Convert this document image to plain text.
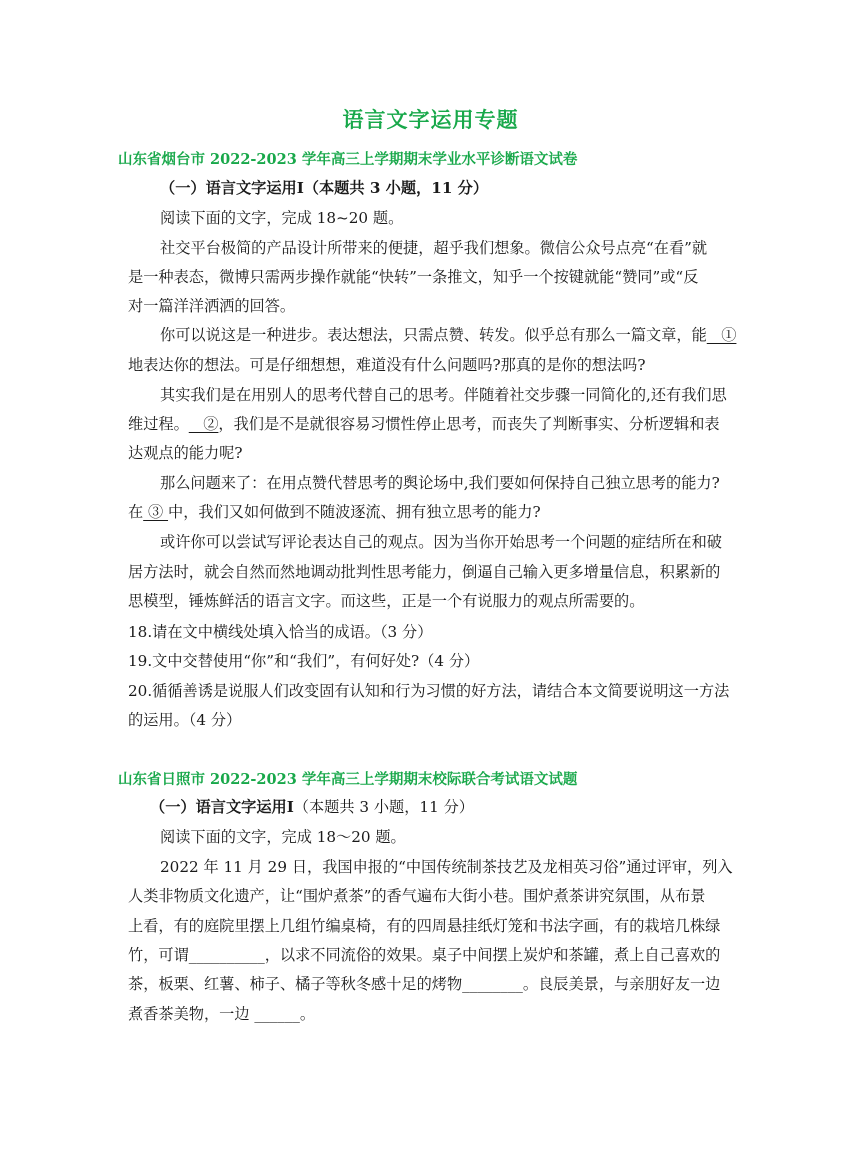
语言文字运用专题
山东省烟台市 2022-2023 学年高三上学期期末学业水平诊断语文试卷
（一）语言文字运用Ⅰ（本题共 3 小题，11 分）
阅读下面的文字，完成 18~20 题。
社交平台极简的产品设计所带来的便捷，超乎我们想象。微信公众号点亮“在看”就
是一种表态，微博只需两步操作就能“快转”一条推文，知乎一个按键就能“赞同”或“反
对一篇洋洋洒洒的回答。
你可以说这是一种进步。表达想法，只需点赞、转发。似乎总有那么一篇文章，能   ①
地表达你的想法。可是仔细想想，难道没有什么问题吗?那真的是你的想法吗?
其实我们是在用别人的思考代替自己的思考。伴随着社交步骤一同简化的,还有我们思
维过程。   ②，我们是不是就很容易习惯性停止思考，而丧失了判断事实、分析逻辑和表
达观点的能力呢?
那么问题来了：在用点赞代替思考的舆论场中,我们要如何保持自己独立思考的能力?
在 ③ 中，我们又如何做到不随波逐流、拥有独立思考的能力?
或许你可以尝试写评论表达自己的观点。因为当你开始思考一个问题的症结所在和破
居方法时，就会自然而然地调动批判性思考能力，倒逼自己输入更多增量信息，积累新的
思模型，锤炼鲜活的语言文字。而这些，正是一个有说服力的观点所需要的。
18.请在文中横线处填入恰当的成语。（3 分）
19.文中交替使用“你”和“我们”，有何好处?（4 分）
20.循循善诱是说服人们改变固有认知和行为习惯的好方法，请结合本文简要说明这一方法
的运用。（4 分）
山东省日照市 2022-2023 学年高三上学期期末校际联合考试语文试题
（一）语言文字运用Ⅰ（本题共 3 小题，11 分）
阅读下面的文字，完成 18～20 题。
2022 年 11 月 29 日，我国申报的“中国传统制茶技艺及龙相英习俗”通过评审，列入
人类非物质文化遗产，让“围炉煮茶”的香气遍布大街小巷。围炉煮茶讲究氛围，从布景
上看，有的庭院里摆上几组竹编桌椅，有的四周悬挂纸灯笼和书法字画，有的栽培几株绿
竹，可谓__________，以求不同流俗的效果。桌子中间摆上炭炉和茶罐，煮上自己喜欢的
茶，板栗、红薯、柿子、橘子等秋冬感十足的烤物________。良辰美景，与亲朋好友一边
煮香茶美物，一边 ______。
